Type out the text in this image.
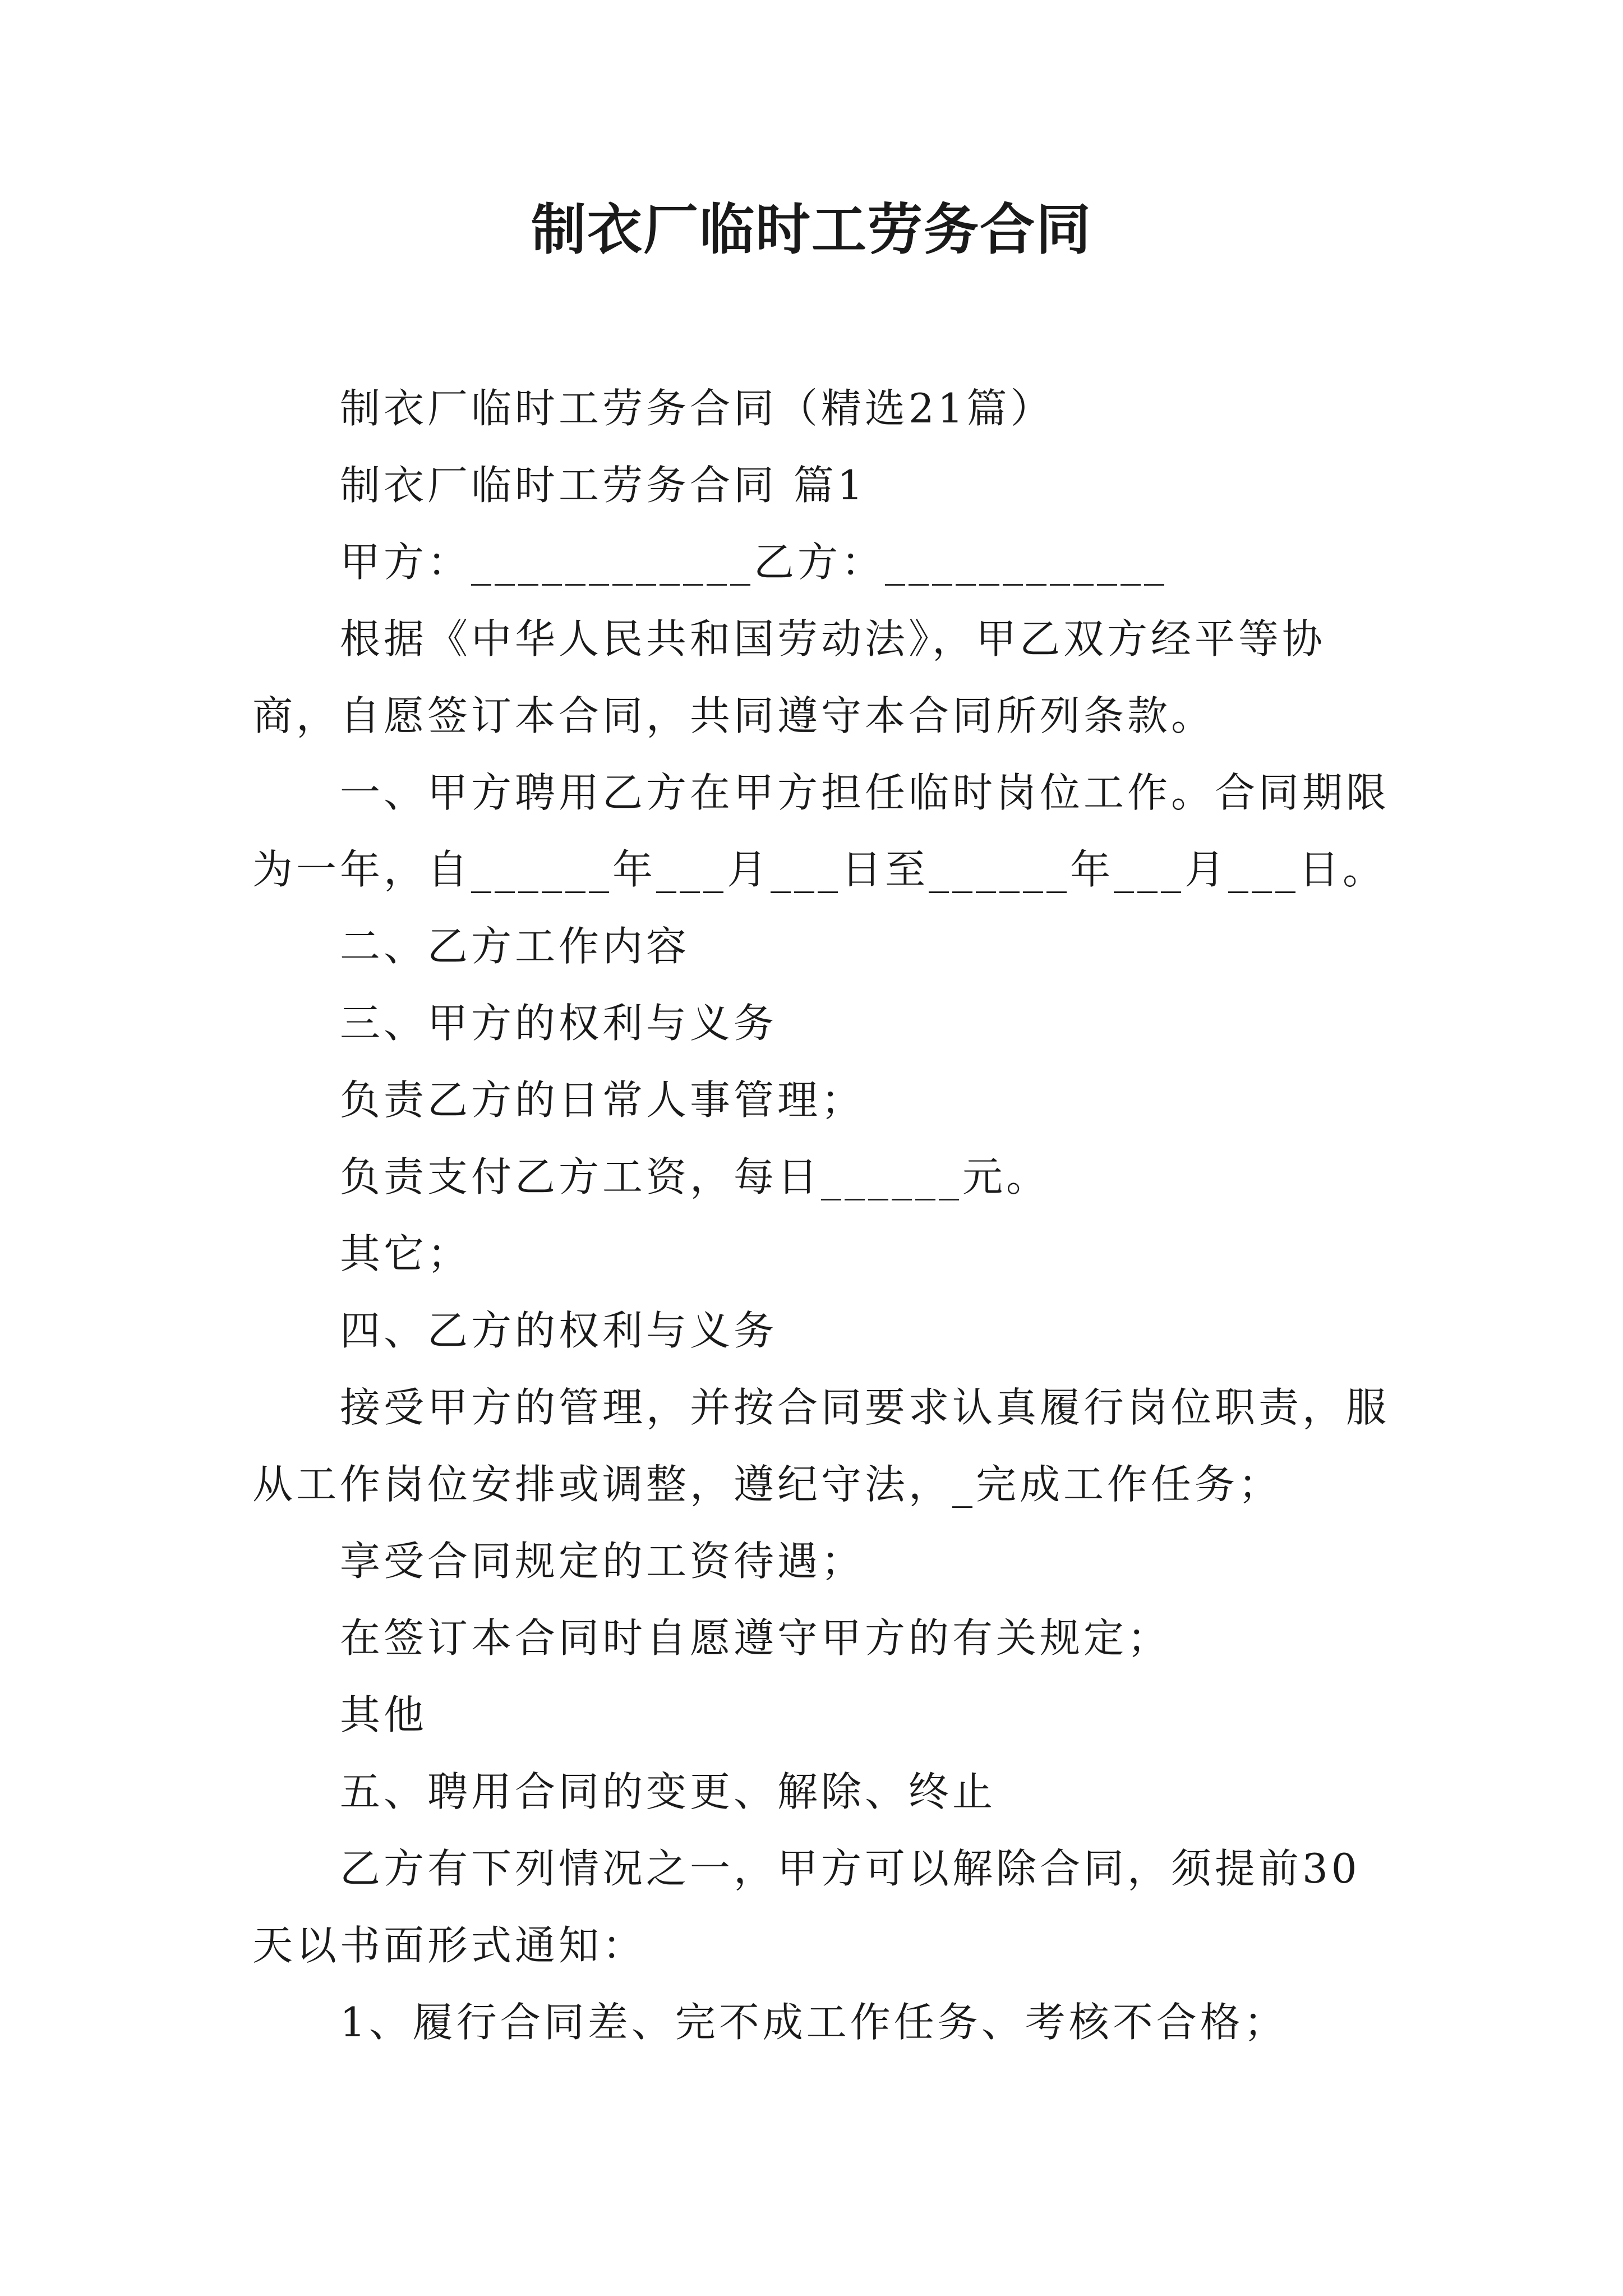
制衣厂临时工劳务合同

制衣厂临时工劳务合同（精选21篇）

制衣厂临时工劳务合同 篇1

甲方：____________乙方：____________

根据《中华人民共和国劳动法》，甲乙双方经平等协商，自愿签订本合同，共同遵守本合同所列条款。

一、甲方聘用乙方在甲方担任临时岗位工作。合同期限为一年，自______年___月___日至______年___月___日。

二、乙方工作内容

三、甲方的权利与义务

负责乙方的日常人事管理；

负责支付乙方工资，每日______元。

其它；

四、乙方的权利与义务

接受甲方的管理，并按合同要求认真履行岗位职责，服从工作岗位安排或调整，遵纪守法，_完成工作任务；

享受合同规定的工资待遇；

在签订本合同时自愿遵守甲方的有关规定；

其他

五、聘用合同的变更、解除、终止

乙方有下列情况之一，甲方可以解除合同，须提前30天以书面形式通知：

1、履行合同差、完不成工作任务、考核不合格；
